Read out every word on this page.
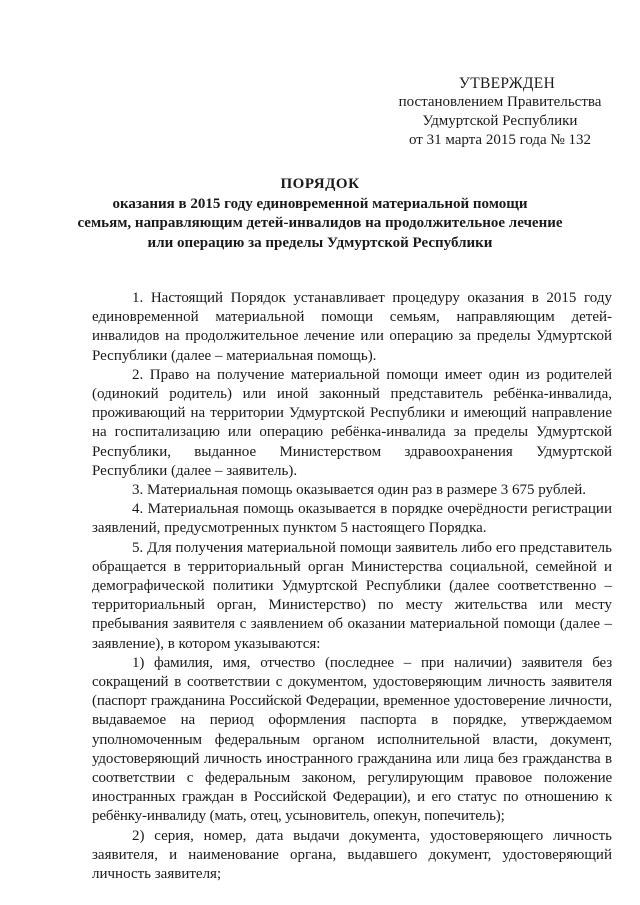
УТВЕРЖДЕН
постановлением Правительства
Удмуртской Республики
от 31 марта 2015 года № 132
ПОРЯДОК
оказания в 2015 году единовременной материальной помощи
семьям, направляющим детей-инвалидов на продолжительное лечение
или операцию за пределы Удмуртской Республики

1. Настоящий Порядок устанавливает процедуру оказания в 2015 году единовременной материальной помощи семьям, направляющим детей-инвалидов на продолжительное лечение или операцию за пределы Удмуртской Республики (далее – материальная помощь).

2. Право на получение материальной помощи имеет один из родителей (одинокий родитель) или иной законный представитель ребёнка-инвалида, проживающий на территории Удмуртской Республики и имеющий направление на госпитализацию или операцию ребёнка-инвалида за пределы Удмуртской Республики, выданное Министерством здравоохранения Удмуртской Республики (далее – заявитель).

3. Материальная помощь оказывается один раз в размере 3 675 рублей.

4. Материальная помощь оказывается в порядке очерёдности регистрации заявлений, предусмотренных пунктом 5 настоящего Порядка.

5. Для получения материальной помощи заявитель либо его представитель обращается в территориальный орган Министерства социальной, семейной и демографической политики Удмуртской Республики (далее соответственно – территориальный орган, Министерство) по месту жительства или месту пребывания заявителя с заявлением об оказании материальной помощи (далее – заявление), в котором указываются:

1) фамилия, имя, отчество (последнее – при наличии) заявителя без сокращений в соответствии с документом, удостоверяющим личность заявителя (паспорт гражданина Российской Федерации, временное удостоверение личности, выдаваемое на период оформления паспорта в порядке, утверждаемом уполномоченным федеральным органом исполнительной власти, документ, удостоверяющий личность иностранного гражданина или лица без гражданства в соответствии с федеральным законом, регулирующим правовое положение иностранных граждан в Российской Федерации), и его статус по отношению к ребёнку-инвалиду (мать, отец, усыновитель, опекун, попечитель);

2) серия, номер, дата выдачи документа, удостоверяющего личность заявителя, и наименование органа, выдавшего документ, удостоверяющий личность заявителя;
